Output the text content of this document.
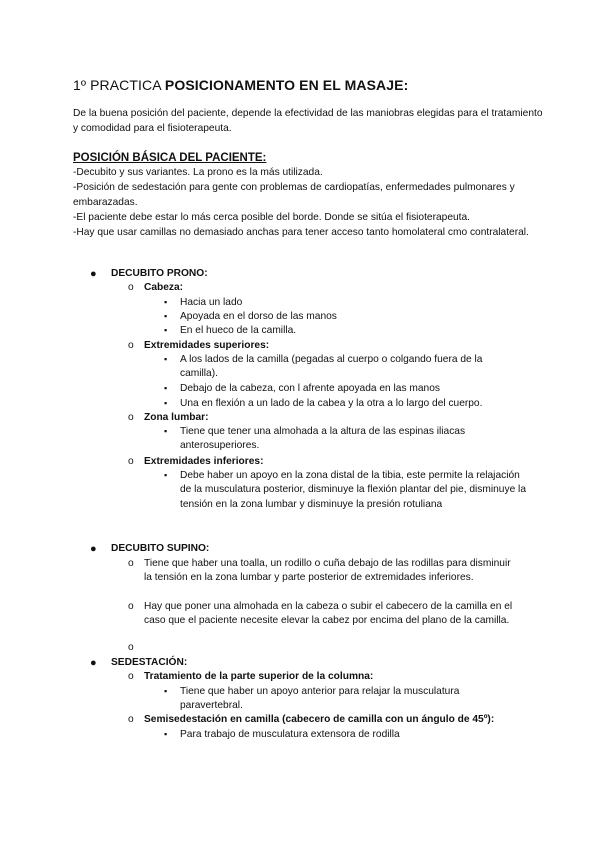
1º PRACTICA POSICIONAMENTO EN EL MASAJE:
De la buena posición del paciente, depende la efectividad de las maniobras elegidas para el tratamiento y comodidad para el fisioterapeuta.
POSICIÓN BÁSICA DEL PACIENTE:
-Decubito y sus variantes. La prono es la más utilizada.
-Posición de sedestación para gente con problemas de cardiopatías, enfermedades pulmonares y embarazadas.
-El paciente debe estar lo más cerca posible del borde. Donde se sitúa el fisioterapeuta.
-Hay que usar camillas no demasiado anchas para tener acceso tanto homolateral cmo contralateral.
● DECUBITO PRONO:
o Cabeza:
▪ Hacia un lado
▪ Apoyada en el dorso de las manos
▪ En el hueco de la camilla.
o Extremidades superiores:
▪ A los lados de la camilla (pegadas al cuerpo o colgando fuera de la camilla).
▪ Debajo de la cabeza, con l afrente apoyada en las manos
▪ Una en flexión a un lado de la cabea y la otra a lo largo del cuerpo.
o Zona lumbar:
▪ Tiene que tener una almohada a la altura de las espinas iliacas anterosuperiores.
o Extremidades inferiores:
▪ Debe haber un apoyo en la zona distal de la tibia, este permite la relajación de la musculatura posterior, disminuye la flexión plantar del pie, disminuye la tensión en la zona lumbar y disminuye la presión rotuliana
● DECUBITO SUPINO:
o Tiene que haber una toalla, un rodillo o cuña debajo de las rodillas para disminuir la tensión en la zona lumbar y parte posterior de extremidades inferiores.
o Hay que poner una almohada en la cabeza o subir el cabecero de la camilla en el caso que el paciente necesite elevar la cabez por encima del plano de la camilla.
o
● SEDESTACIÓN:
o Tratamiento de la parte superior de la columna:
▪ Tiene que haber un apoyo anterior para relajar la musculatura paravertebral.
o Semisedestación en camilla (cabecero de camilla con un ángulo de 45º):
▪ Para trabajo de musculatura extensora de rodilla
